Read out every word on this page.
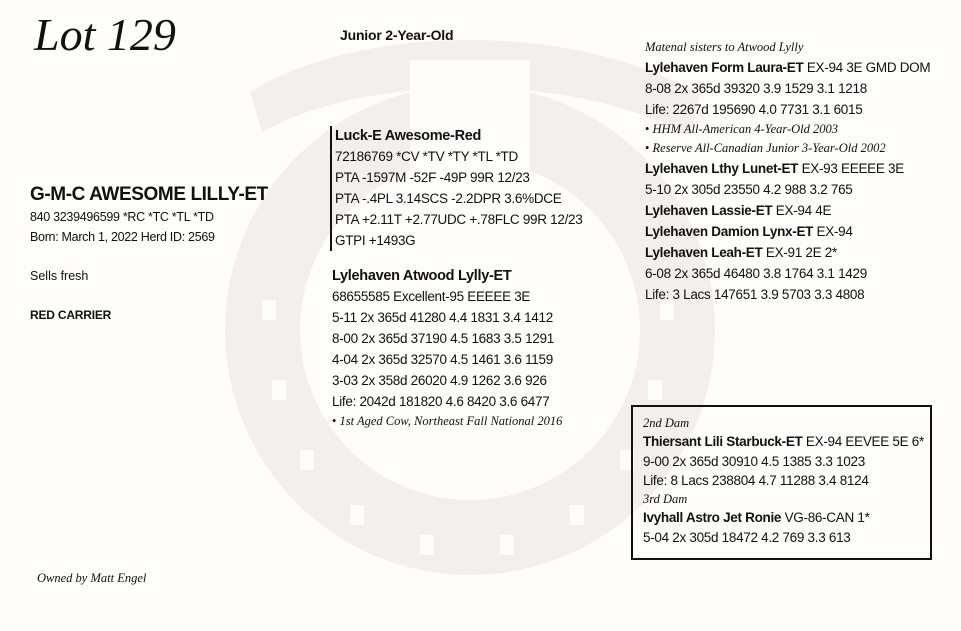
Lot 129	Junior 2-Year-Old
G-M-C AWESOME LILLY-ET
840 3239496599 *RC *TC *TL *TD
Born: March 1, 2022 Herd ID: 2569
Sells fresh
RED CARRIER
Luck-E Awesome-Red
72186769 *CV *TV *TY *TL *TD
PTA -1597M -52F -49P 99R 12/23
PTA -.4PL 3.14SCS -2.2DPR 3.6%DCE
PTA +2.11T +2.77UDC +.78FLC 99R 12/23
GTPI +1493G
Lylehaven Atwood Lylly-ET
68655585 Excellent-95 EEEEE 3E
5-11 2x 365d 41280 4.4 1831 3.4 1412
8-00 2x 365d 37190 4.5 1683 3.5 1291
4-04 2x 365d 32570 4.5 1461 3.6 1159
3-03 2x 358d 26020 4.9 1262 3.6 926
Life: 2042d 181820 4.6 8420 3.6 6477
• 1st Aged Cow, Northeast Fall National 2016
Matenal sisters to Atwood Lylly
Lylehaven Form Laura-ET EX-94 3E GMD DOM
8-08 2x 365d 39320 3.9 1529 3.1 1218
Life: 2267d 195690 4.0 7731 3.1 6015
• HHM All-American 4-Year-Old 2003
• Reserve All-Canadian Junior 3-Year-Old 2002
Lylehaven Lthy Lunet-ET EX-93 EEEEE 3E
5-10 2x 305d 23550 4.2 988 3.2 765
Lylehaven Lassie-ET EX-94 4E
Lylehaven Damion Lynx-ET EX-94
Lylehaven Leah-ET EX-91 2E 2*
6-08 2x 365d 46480 3.8 1764 3.1 1429
Life: 3 Lacs 147651 3.9 5703 3.3 4808
2nd Dam
Thiersant Lili Starbuck-ET EX-94 EEVEE 5E 6*
9-00 2x 365d 30910 4.5 1385 3.3 1023
Life: 8 Lacs 238804 4.7 11288 3.4 8124
3rd Dam
Ivyhall Astro Jet Ronie VG-86-CAN 1*
5-04 2x 305d 18472 4.2 769 3.3 613
Owned by Matt Engel
